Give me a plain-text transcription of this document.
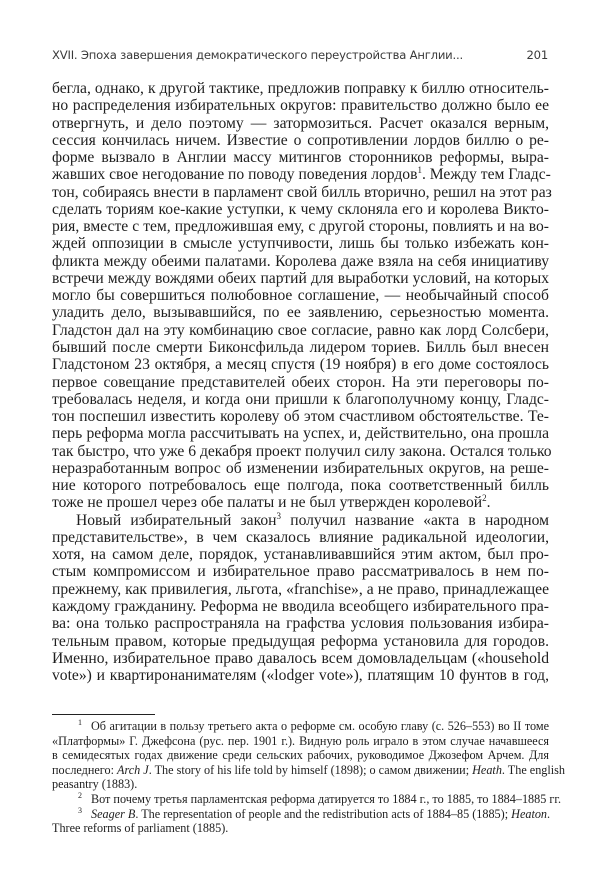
XVII. Эпоха завершения демократического переустройства Англии...	201
бегла, однако, к другой тактике, предложив поправку к биллю относитель-
но распределения избирательных округов: правительство должно было ее
отвергнуть, и дело поэтому — затормозиться. Расчет оказался верным,
сессия кончилась ничем. Известие о сопротивлении лордов биллю о ре-
форме вызвало в Англии массу митингов сторонников реформы, выра-
жавших свое негодование по поводу поведения лордов$^1$. Между тем Гладс-
тон, собираясь внести в парламент свой билль вторично, решил на этот раз
сделать ториям кое-какие уступки, к чему склоняла его и королева Викто-
рия, вместе с тем, предложившая ему, с другой стороны, повлиять и на во-
ждей оппозиции в смысле уступчивости, лишь бы только избежать кон-
фликта между обеими палатами. Королева даже взяла на себя инициативу
встречи между вождями обеих партий для выработки условий, на которых
могло бы совершиться полюбовное соглашение, — необычайный способ
уладить дело, вызывавшийся, по ее заявлению, серьезностью момента.
Гладстон дал на эту комбинацию свое согласие, равно как лорд Солсбери,
бывший после смерти Биконсфильда лидером ториев. Билль был внесен
Гладстоном 23 октября, а месяц спустя (19 ноября) в его доме состоялось
первое совещание представителей обеих сторон. На эти переговоры по-
требовалась неделя, и когда они пришли к благополучному концу, Гладс-
тон поспешил известить королеву об этом счастливом обстоятельстве. Те-
перь реформа могла рассчитывать на успех, и, действительно, она прошла
так быстро, что уже 6 декабря проект получил силу закона. Остался только
неразработанным вопрос об изменении избирательных округов, на реше-
ние которого потребовалось еще полгода, пока соответственный билль
тоже не прошел через обе палаты и не был утвержден королевой$^2$.
Новый избирательный закон$^3$ получил название «акта в народном
представительстве», в чем сказалось влияние радикальной идеологии,
хотя, на самом деле, порядок, устанавливавшийся этим актом, был про-
стым компромиссом и избирательное право рассматривалось в нем по-
прежнему, как привилегия, льгота, «franchise», а не право, принадлежащее
каждому гражданину. Реформа не вводила всеобщего избирательного пра-
ва: она только распространяла на графства условия пользования избира-
тельным правом, которые предыдущая реформа установила для городов.
Именно, избирательное право давалось всем домовладельцам («household
vote») и квартиронанимателям («lodger vote»), платящим 10 фунтов в год,
$^1$ Об агитации в пользу третьего акта о реформе см. особую главу (с. 526–553) во II томе
«Платформы» Г. Джефсона (рус. пер. 1901 г.). Видную роль играло в этом случае начавшееся
в семидесятых годах движение среди сельских рабочих, руководимое Джозефом Арчем. Для
последнего: Arch J. The story of his life told by himself (1898); о самом движении; Heath. The english
peasantry (1883).
$^2$ Вот почему третья парламентская реформа датируется то 1884 г., то 1885, то 1884–1885 гг.
$^3$ Seager B. The representation of people and the redistribution acts of 1884–85 (1885); Heaton.
Three reforms of parliament (1885).
